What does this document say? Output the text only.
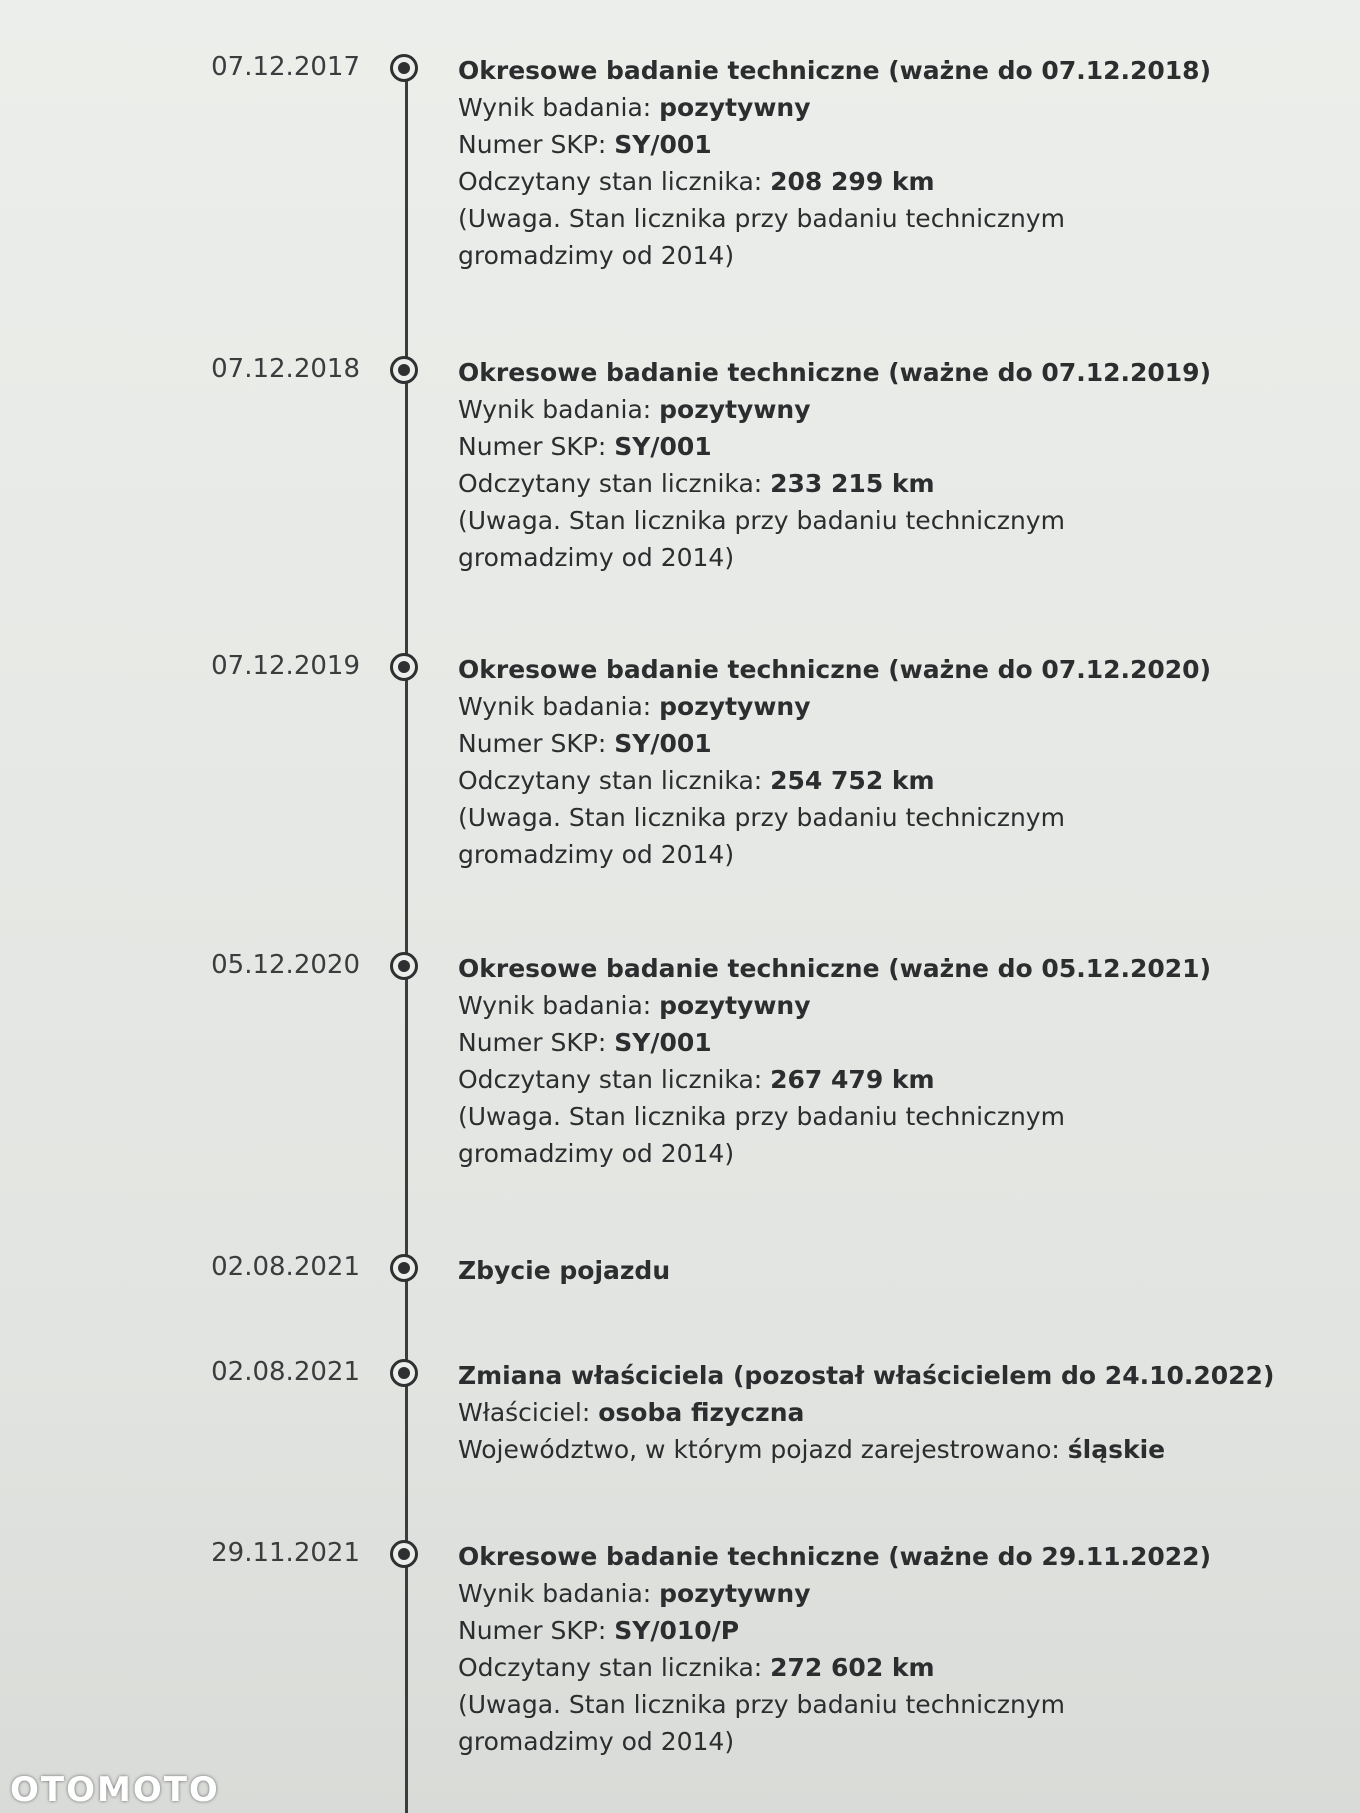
07.12.2017	Okresowe badanie techniczne (ważne do 07.12.2018)
Wynik badania: pozytywny
Numer SKP: SY/001
Odczytany stan licznika: 208 299 km
(Uwaga. Stan licznika przy badaniu technicznym gromadzimy od 2014)
07.12.2018	Okresowe badanie techniczne (ważne do 07.12.2019)
Wynik badania: pozytywny
Numer SKP: SY/001
Odczytany stan licznika: 233 215 km
(Uwaga. Stan licznika przy badaniu technicznym gromadzimy od 2014)
07.12.2019	Okresowe badanie techniczne (ważne do 07.12.2020)
Wynik badania: pozytywny
Numer SKP: SY/001
Odczytany stan licznika: 254 752 km
(Uwaga. Stan licznika przy badaniu technicznym gromadzimy od 2014)
05.12.2020	Okresowe badanie techniczne (ważne do 05.12.2021)
Wynik badania: pozytywny
Numer SKP: SY/001
Odczytany stan licznika: 267 479 km
(Uwaga. Stan licznika przy badaniu technicznym gromadzimy od 2014)
02.08.2021	Zbycie pojazdu
02.08.2021	Zmiana właściciela (pozostał właścicielem do 24.10.2022)
Właściciel: osoba fizyczna
Województwo, w którym pojazd zarejestrowano: śląskie
29.11.2021	Okresowe badanie techniczne (ważne do 29.11.2022)
Wynik badania: pozytywny
Numer SKP: SY/010/P
Odczytany stan licznika: 272 602 km
(Uwaga. Stan licznika przy badaniu technicznym gromadzimy od 2014)
OTOMOTO
